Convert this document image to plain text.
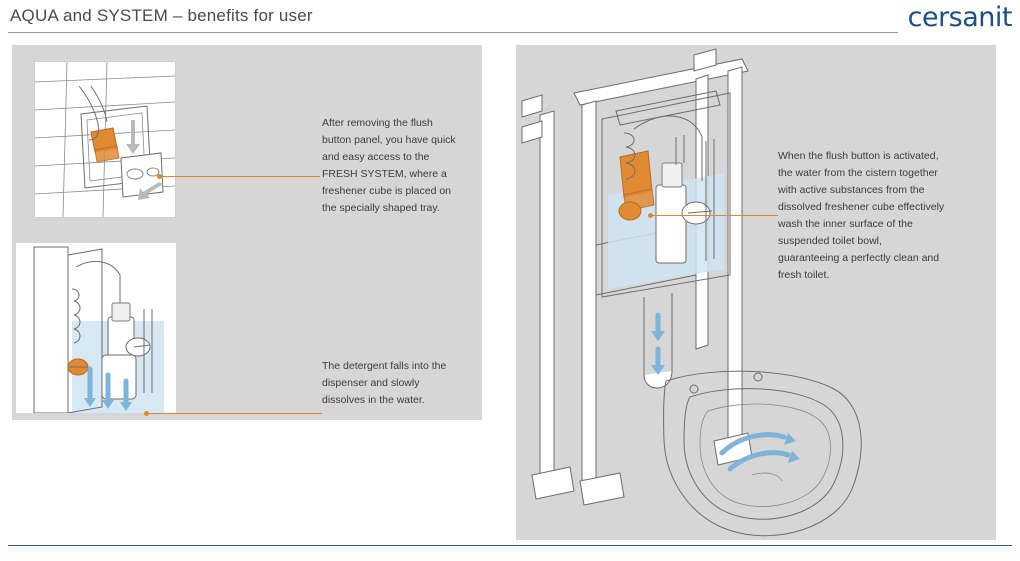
AQUA and SYSTEM – benefits for user	cersanit
After removing the flush button panel, you have quick and easy access to the FRESH SYSTEM, where a freshener cube is placed on the specially shaped tray.
The detergent falls into the dispenser and slowly dissolves in the water.
When the flush button is activated, the water from the cistern together with active substances from the dissolved freshener cube effectively wash the inner surface of the suspended toilet bowl, guaranteeing a perfectly clean and fresh toilet.
